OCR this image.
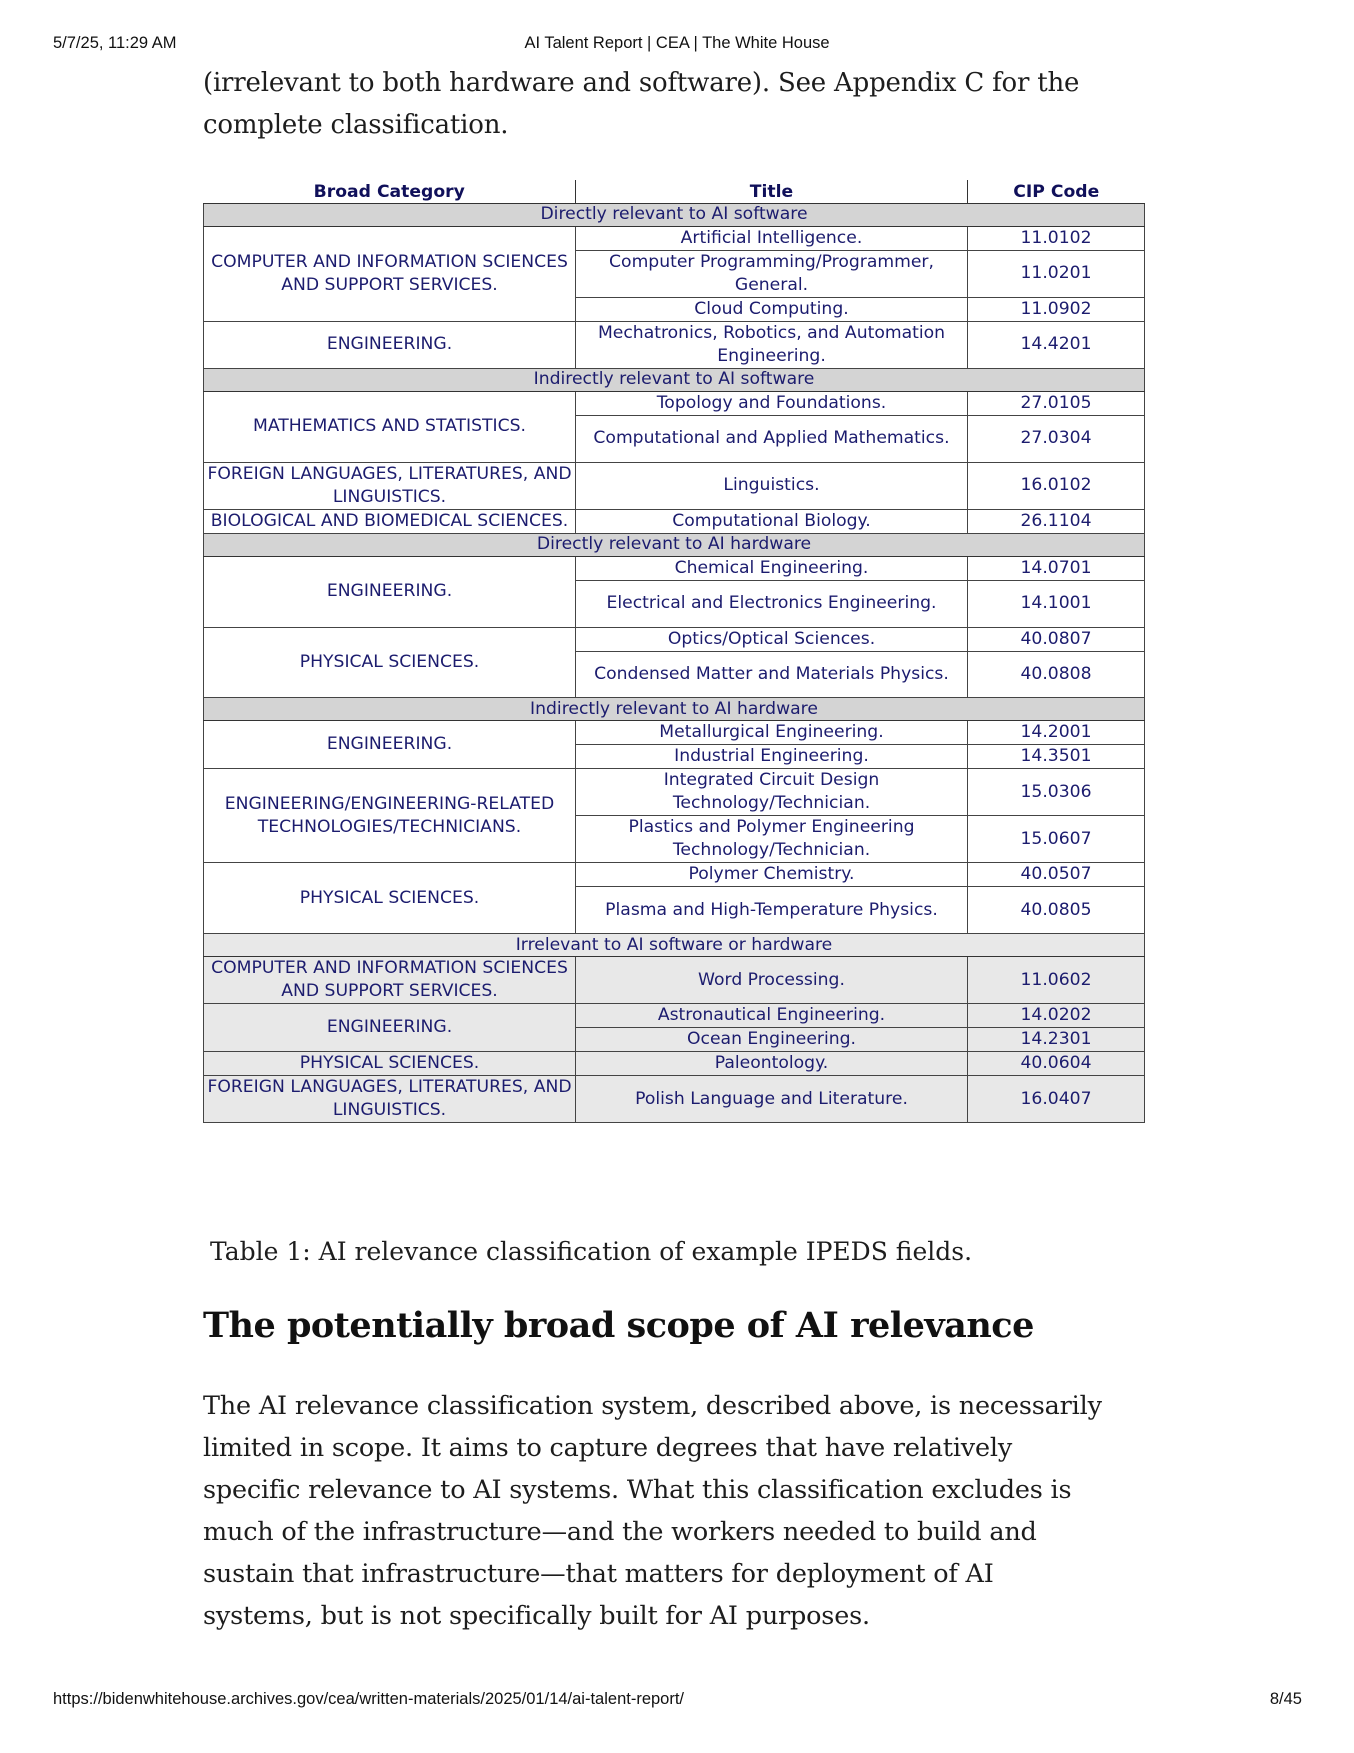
5/7/25, 11:29 AM	AI Talent Report | CEA | The White House

(irrelevant to both hardware and software). See Appendix C for the complete classification.

Broad Category	Title	CIP Code
Directly relevant to AI software		
COMPUTER AND INFORMATION SCIENCES AND SUPPORT SERVICES.	Artificial Intelligence.	11.0102
	Computer Programming/Programmer, General.	11.0201
	Cloud Computing.	11.0902
ENGINEERING.	Mechatronics, Robotics, and Automation Engineering.	14.4201
Indirectly relevant to AI software		
MATHEMATICS AND STATISTICS.	Topology and Foundations.	27.0105
	Computational and Applied Mathematics.	27.0304
FOREIGN LANGUAGES, LITERATURES, AND LINGUISTICS.	Linguistics.	16.0102
BIOLOGICAL AND BIOMEDICAL SCIENCES.	Computational Biology.	26.1104
Directly relevant to AI hardware		
ENGINEERING.	Chemical Engineering.	14.0701
	Electrical and Electronics Engineering.	14.1001
PHYSICAL SCIENCES.	Optics/Optical Sciences.	40.0807
	Condensed Matter and Materials Physics.	40.0808
Indirectly relevant to AI hardware		
ENGINEERING.	Metallurgical Engineering.	14.2001
	Industrial Engineering.	14.3501
ENGINEERING/ENGINEERING-RELATED TECHNOLOGIES/TECHNICIANS.	Integrated Circuit Design Technology/Technician.	15.0306
	Plastics and Polymer Engineering Technology/Technician.	15.0607
PHYSICAL SCIENCES.	Polymer Chemistry.	40.0507
	Plasma and High-Temperature Physics.	40.0805
Irrelevant to AI software or hardware		
COMPUTER AND INFORMATION SCIENCES AND SUPPORT SERVICES.	Word Processing.	11.0602
ENGINEERING.	Astronautical Engineering.	14.0202
	Ocean Engineering.	14.2301
PHYSICAL SCIENCES.	Paleontology.	40.0604
FOREIGN LANGUAGES, LITERATURES, AND LINGUISTICS.	Polish Language and Literature.	16.0407

Table 1: AI relevance classification of example IPEDS fields.

The potentially broad scope of AI relevance

The AI relevance classification system, described above, is necessarily limited in scope. It aims to capture degrees that have relatively specific relevance to AI systems. What this classification excludes is much of the infrastructure—and the workers needed to build and sustain that infrastructure—that matters for deployment of AI systems, but is not specifically built for AI purposes.

https://bidenwhitehouse.archives.gov/cea/written-materials/2025/01/14/ai-talent-report/	8/45
